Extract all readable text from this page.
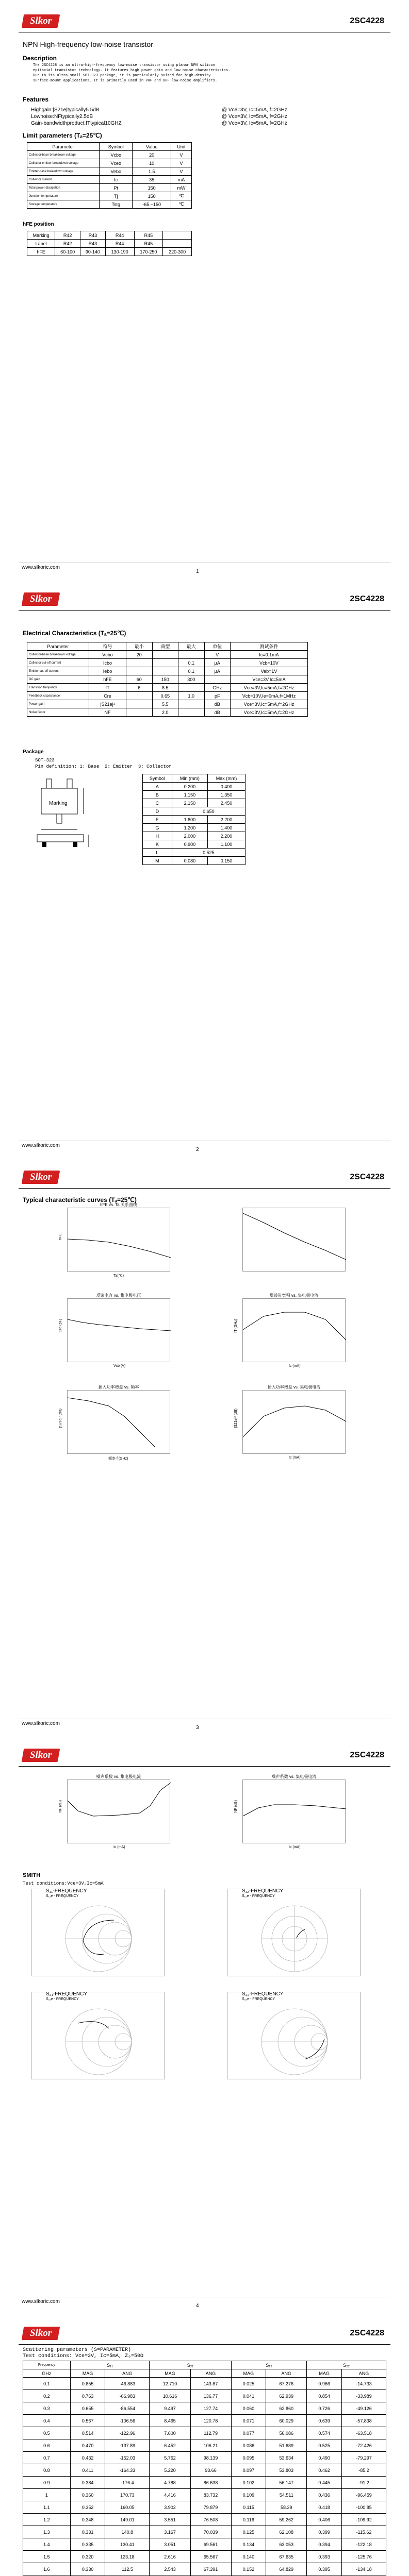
Slkor	2SC4228
NPN High-frequency low-noise transistor
Description
The 2SC4228 is an ultra-high-frequency low-noise transistor using planar NPN silicon
epitaxial transistor technology. It features high power gain and low noise characteristics.
Due to its ultra-small SOT-323 package, it is particularly suited for high-density
surface-mount applications. It is primarily used in VHF and UHF low-noise amplifiers.
Features
Highgain:|S21e|typically5.5dB	@ Vce=3V, Ic=5mA, f=2GHz
Lownoise:NFtypically2.5dB	@ Vce=3V, Ic=5mA, f=2GHz
Gain-bandwidthproduct:fTtypical10GHZ	@ Vce=3V, Ic=5mA, f=2GHz
Limit parameters (Tₐ=25℃)
Parameter	Symbol	Value	Unit
Collector-base breakdown voltage	Vcbo	20	V
Collector-emitter breakdown voltage	Vceo	10	V
Emitter-base breakdown voltage	Vebo	1.5	V
Collector current	Ic	35	mA
Total power dissipation	Pt	150	mW
Junction temperature	Tj	150	℃
Storage temperature	Tstg	-65 ~150	℃
hFE position
Marking	R42	R43	R44	R45	
Label	R42	R43	R44	R45	
hFE	60-100	90-140	130-190	170-250	220-300
www.slkoric.com
1
Slkor	2SC4228
Electrical Characteristics (Tₐ=25℃)
Parameter	符号	最小	典型	最大	单位	测试条件
Collector-base breakdown voltage	Vcbo	20			V	Ic=0.1mA
Collector cut-off current	Icbo			0.1	μA	Vcb=10V
Emitter cut-off current	Iebo			0.1	μA	Veb=1V
DC gain	hFE	60	150	300		Vce=3V,Ic=5mA
Transition frequency	fT	6	8.5		GHz	Vce=3V,Ic=5mA,f=2GHz
Feedback capacitance	Cre		0.65	1.0	pF	Vcb=10V,Ie=0mA,f=1MHz
Power gain	|S21e|²		5.5		dB	Vce=3V,Ic=5mA,f=2GHz
Noise factor	NF		2.0		dB	Vce=3V,Ic=5mA,f=2GHz
Package
SOT-323
Pin definition: 1: Base  2: Emitter  3: Collector
Marking
Symbol	Min (mm)	Max (mm)
A	0.200	0.400
B	1.150	1.350
C	2.150	2.450
D	0.650	
E	1.800	2.200
G	1.200	1.400
H	2.000	2.200
K	0.900	1.100
L	0.525	
M	0.080	0.150
www.slkoric.com
2
Slkor	2SC4228
Typical characteristic curves (Tₐ=25℃)
hFE vs. Ta 关系曲线
hFE
Ta(℃)
反馈电容 vs. 集电极电压
Cre (pF)
Vcb (V)
增益带宽积 vs. 集电极电流
fT (GHz)
Ic (mA)
插入功率增益 vs. 频率
|S21e|² (dB)
频率 f (GHz)
插入功率增益 vs. 集电极电流
|S21e|² (dB)
Ic (mA)
www.slkoric.com
3
Slkor	2SC4228
噪声系数 vs. 集电极电流
NF (dB)
Ic (mA)
噪声系数 vs. 集电极电流
NF (dB)
Ic (mA)
SMITH
Test conditions:Vce=3V,Ic=5mA
S₁₁-FREQUENCY
S₁₁e - FREQUENCY
S₁₂-FREQUENCY
S₁₂e - FREQUENCY
S₂₁-FREQUENCY
S₂₁e - FREQUENCY
S₂₂-FREQUENCY
S₂₂e - FREQUENCY
www.slkoric.com
4
Slkor	2SC4228
Scattering parameters (S=PARAMETER)
Test conditions: Vce=3V, Ic=5mA, Z₀=50Ω
Frequency	S₁₁		S₂₁		S₁₂		S₂₂	
GHz	MAG	ANG	MAG	ANG	MAG	ANG	MAG	ANG
0.1	0.855	-46.883	12.710	143.87	0.025	67.276	0.966	-14.733
0.2	0.763	-66.983	10.616	136.77	0.041	62.939	0.854	-33.989
0.3	0.655	-86.554	9.497	127.74	0.060	62.860	0.726	-49.126
0.4	0.567	-106.56	8.465	120.78	0.071	60.029	0.639	-57.838
0.5	0.514	-122.96	7.600	112.79	0.077	56.086	0.574	-63.518
0.6	0.470	-137.89	6.452	106.21	0.086	51.689	0.525	-72.426
0.7	0.432	-152.03	5.762	98.139	0.095	53.634	0.490	-79.297
0.8	0.411	-164.33	5.220	93.66	0.097	53.803	0.462	-85.2
0.9	0.384	-176.4	4.788	86.638	0.102	56.147	0.445	-91.2
1	0.360	170.73	4.416	83.732	0.109	54.511	0.436	-96.459
1.1	0.352	160.05	3.902	79.879	0.115	58.39	0.418	-100.85
1.2	0.348	149.01	3.551	76.508	0.116	59.262	0.406	-109.92
1.3	0.331	140.8	3.167	70.039	0.125	62.108	0.399	-115.62
1.4	0.335	130.41	3.051	69.561	0.134	63.053	0.394	-122.18
1.5	0.320	123.18	2.616	65.567	0.140	67.635	0.393	-125.76
1.6	0.330	112.5	2.543	67.391	0.152	64.829	0.395	-134.18
